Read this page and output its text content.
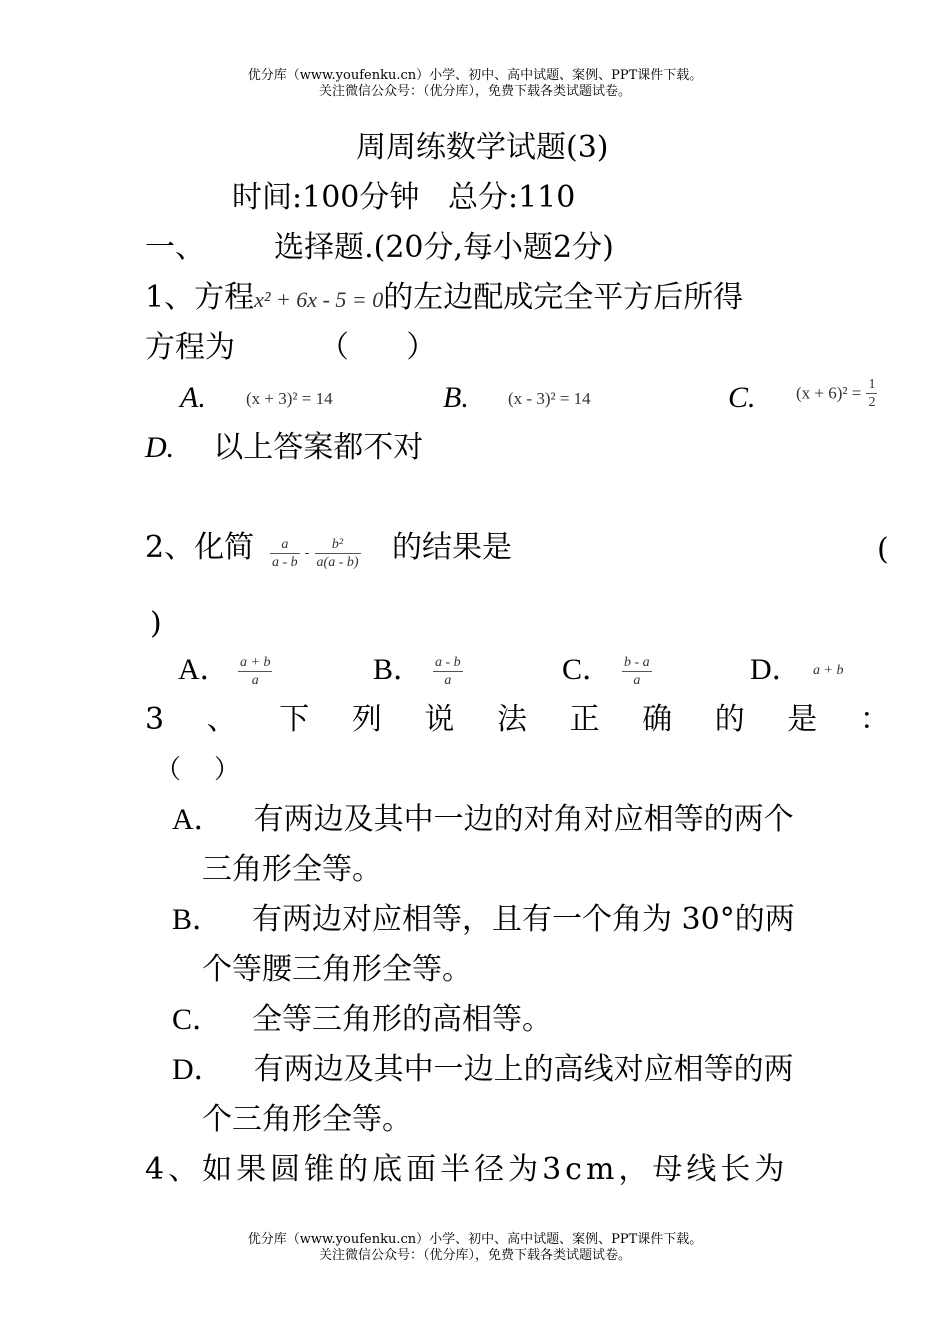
优分库（www.youfenku.cn）小学、初中、高中试题、案例、PPT课件下载。
关注微信公众号：（优分库），免费下载各类试题试卷。
周周练数学试题(3)
时间:100分钟   总分:110
一、 选择题.(20分,每小题2分)
1、方程x² + 6x - 5 = 0的左边配成完全平方后所得
方程为	（      ）
A. (x + 3)² = 14	B. (x - 3)² = 14	C. $(x + 6)^2 = \frac{1}{2}$
D. 以上答案都不对
2、化简 $\frac{a}{a - b} - \frac{\text{b²}}{a(a - b)}$ 的结果是	(
)
A． $\frac{a + b}{a}$	B． $\frac{a - b}{a}$	C． $\frac{b - a}{a}$	D． a + b
3 、 下 列 说 法 正 确 的 是 ：
（    ）
A． 有两边及其中一边的对角对应相等的两个
三角形全等。
B． 有两边对应相等，且有一个角为 30°的两
个等腰三角形全等。
C． 全等三角形的高相等。
D． 有两边及其中一边上的高线对应相等的两
个三角形全等。
4、如果圆锥的底面半径为3cm，母线长为
优分库（www.youfenku.cn）小学、初中、高中试题、案例、PPT课件下载。
关注微信公众号：（优分库），免费下载各类试题试卷。
